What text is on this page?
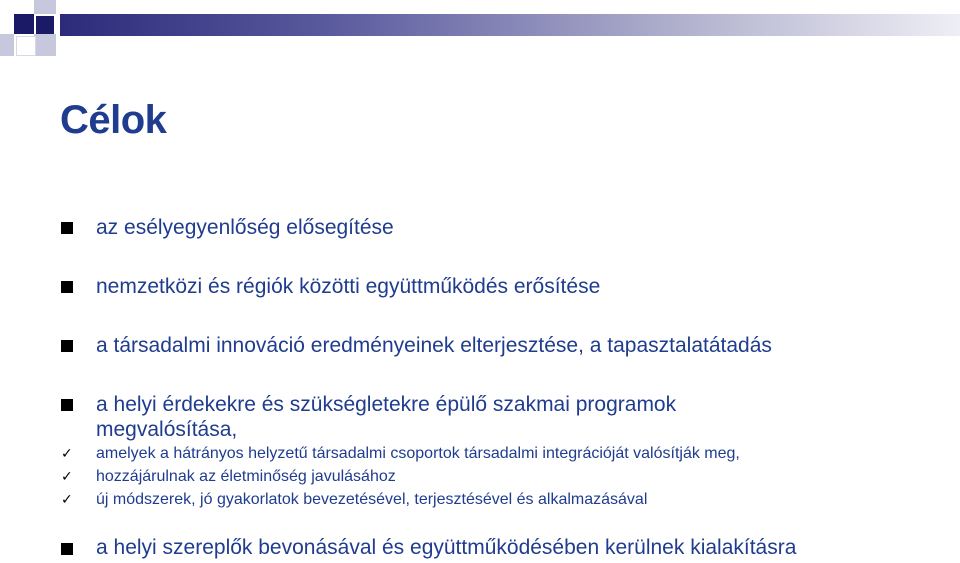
Célok

az esélyegyenlőség elősegítése

nemzetközi és régiók közötti együttműködés erősítése

a társadalmi innováció eredményeinek elterjesztése, a tapasztalatátadás

a helyi érdekekre és szükségletekre épülő szakmai programok

megvalósítása,

✓ amelyek a hátrányos helyzetű társadalmi csoportok társadalmi integrációját valósítják meg,

✓ hozzájárulnak az életminőség javulásához

✓ új módszerek, jó gyakorlatok bevezetésével, terjesztésével és alkalmazásával

a helyi szereplők bevonásával és együttműködésében kerülnek kialakításra
